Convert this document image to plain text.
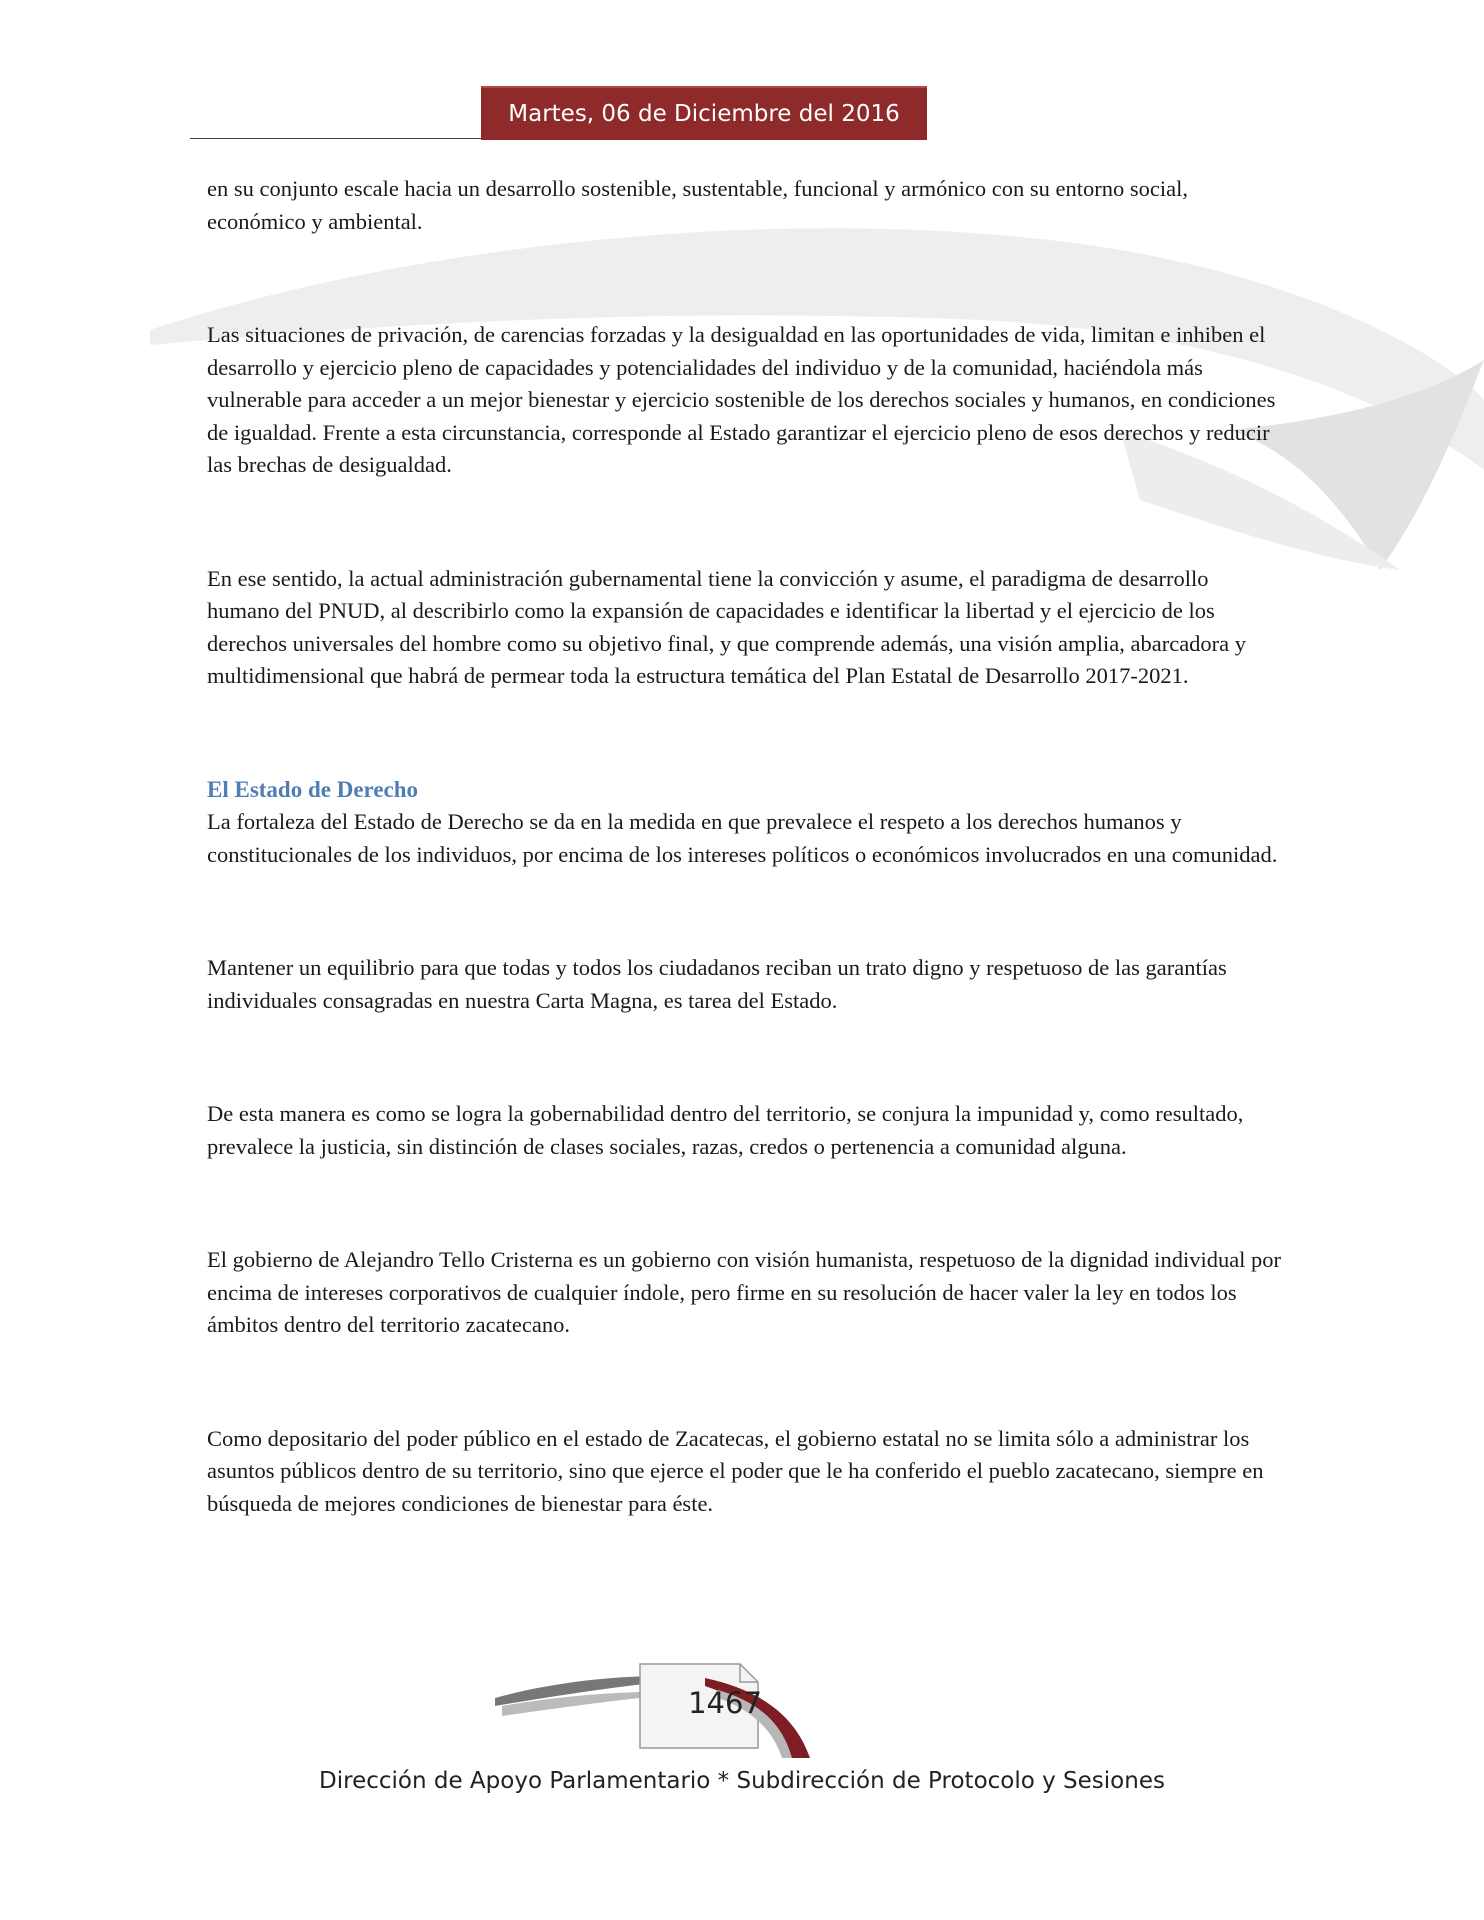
Martes, 06 de Diciembre del 2016

en su conjunto escale hacia un desarrollo sostenible, sustentable, funcional y armónico con su entorno social, económico y ambiental.

Las situaciones de privación, de carencias forzadas y la desigualdad en las oportunidades de vida, limitan e inhiben el desarrollo y ejercicio pleno de capacidades y potencialidades del individuo y de la comunidad, haciéndola más vulnerable para acceder a un mejor bienestar y ejercicio sostenible de los derechos sociales y humanos, en condiciones de igualdad. Frente a esta circunstancia, corresponde al Estado garantizar el ejercicio pleno de esos derechos y reducir las brechas de desigualdad.

En ese sentido, la actual administración gubernamental tiene la convicción y asume, el paradigma de desarrollo humano del PNUD, al describirlo como la expansión de capacidades e identificar la libertad y el ejercicio de los derechos universales del hombre como su objetivo final, y que comprende además, una visión amplia, abarcadora y multidimensional que habrá de permear toda la estructura temática del Plan Estatal de Desarrollo 2017-2021.

El Estado de Derecho

La fortaleza del Estado de Derecho se da en la medida en que prevalece el respeto a los derechos humanos y constitucionales de los individuos, por encima de los intereses políticos o económicos involucrados en una comunidad.

Mantener un equilibrio para que todas y todos los ciudadanos reciban un trato digno y respetuoso de las garantías individuales consagradas en nuestra Carta Magna, es tarea del Estado.

De esta manera es como se logra la gobernabilidad dentro del territorio, se conjura la impunidad y, como resultado, prevalece la justicia, sin distinción de clases sociales, razas, credos o pertenencia a comunidad alguna.

El gobierno de Alejandro Tello Cristerna es un gobierno con visión humanista, respetuoso de la dignidad individual por encima de intereses corporativos de cualquier índole, pero firme en su resolución de hacer valer la ley en todos los ámbitos dentro del territorio zacatecano.

Como depositario del poder público en el estado de Zacatecas, el gobierno estatal no se limita sólo a administrar los asuntos públicos dentro de su territorio, sino que ejerce el poder que le ha conferido el pueblo zacatecano, siempre en búsqueda de mejores condiciones de bienestar para éste.

1467
Dirección de Apoyo Parlamentario * Subdirección de Protocolo y Sesiones
